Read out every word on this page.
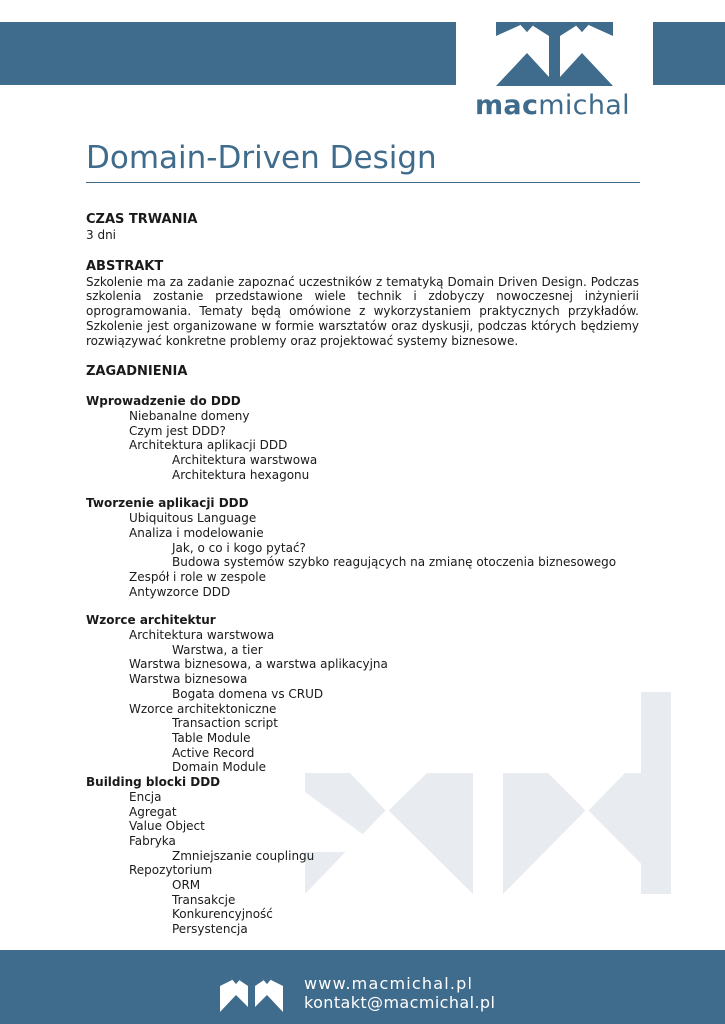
macmichal
Domain-Driven Design

CZAS TRWANIA

3 dni

ABSTRAKT

Szkolenie ma za zadanie zapoznać uczestników z tematyką Domain Driven Design. Podczas szkolenia zostanie przedstawione wiele technik i zdobyczy nowoczesnej inżynierii oprogramowania. Tematy będą omówione z wykorzystaniem praktycznych przykładów. Szkolenie jest organizowane w formie warsztatów oraz dyskusji, podczas których będziemy rozwiązywać konkretne problemy oraz projektować systemy biznesowe.

ZAGADNIENIA

Wprowadzenie do DDD

Niebanalne domeny

Czym jest DDD?

Architektura aplikacji DDD

Architektura warstwowa

Architektura hexagonu

Tworzenie aplikacji DDD

Ubiquitous Language

Analiza i modelowanie

Jak, o co i kogo pytać?

Budowa systemów szybko reagujących na zmianę otoczenia biznesowego

Zespół i role w zespole

Antywzorce DDD

Wzorce architektur

Architektura warstwowa

Warstwa, a tier

Warstwa biznesowa, a warstwa aplikacyjna

Warstwa biznesowa

Bogata domena vs CRUD

Wzorce architektoniczne

Transaction script

Table Module

Active Record

Domain Module

Building blocki DDD

Encja

Agregat

Value Object

Fabryka

Zmniejszanie couplingu

Repozytorium

ORM

Transakcje

Konkurencyjność

Persystencja

www.macmichal.pl
kontakt@macmichal.pl
